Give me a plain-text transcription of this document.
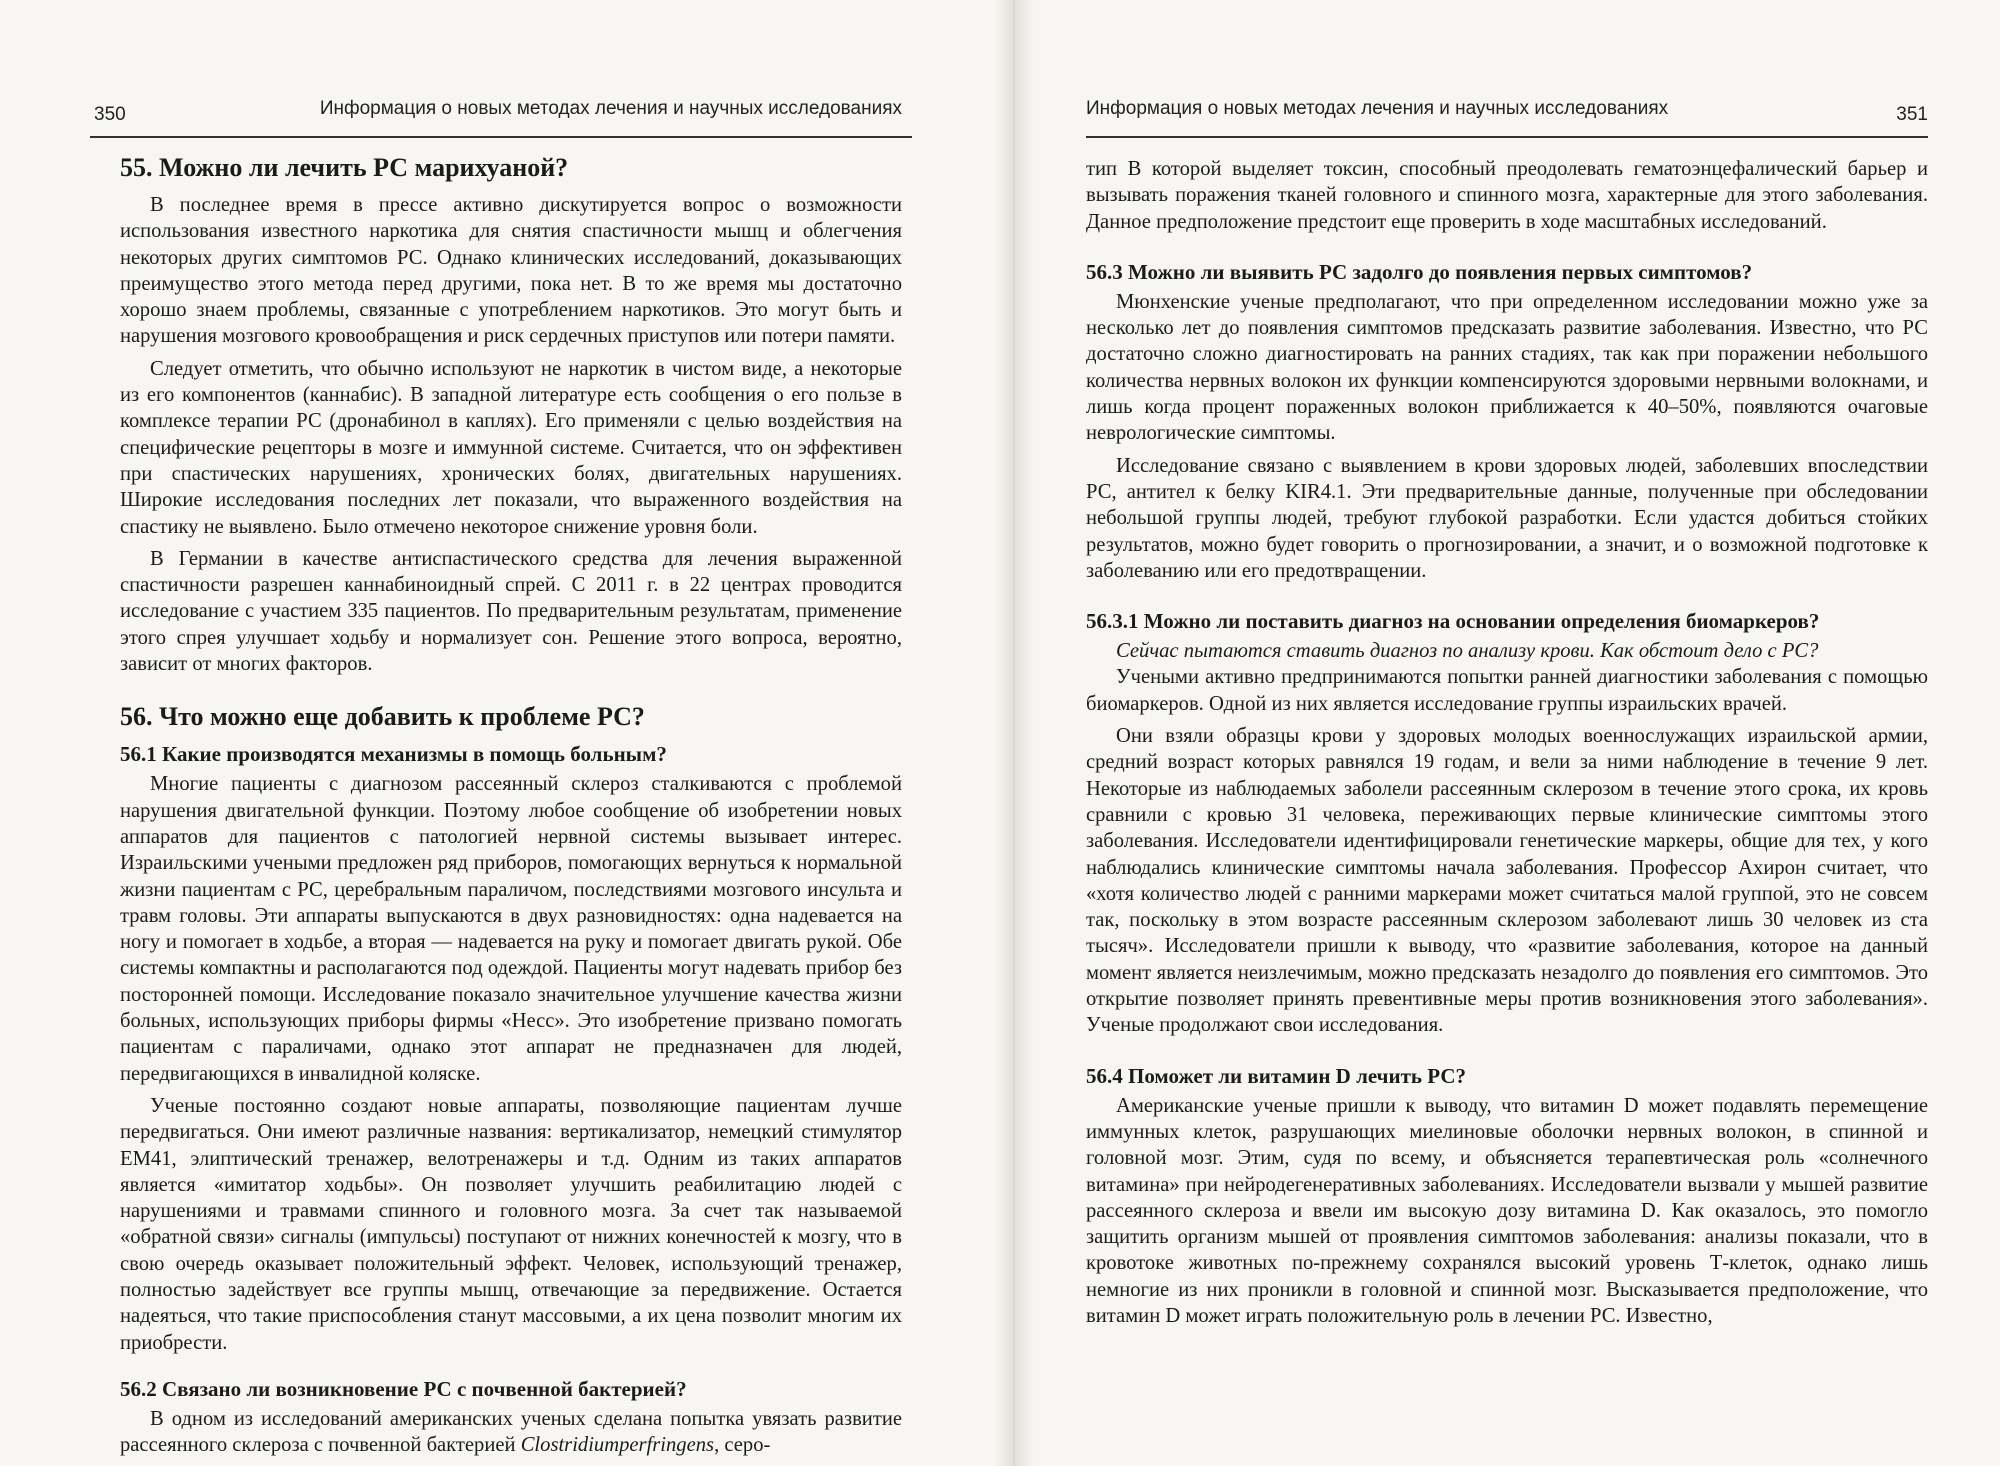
350	Информация о новых методах лечения и научных исследованиях
55. Можно ли лечить РС марихуаной?

В последнее время в прессе активно дискутируется вопрос о возможности использования известного наркотика для снятия спастичности мышц и облегчения некоторых других симптомов РС. Однако клинических исследований, доказывающих преимущество этого метода перед другими, пока нет. В то же время мы достаточно хорошо знаем проблемы, связанные с употреблением наркотиков. Это могут быть и нарушения мозгового кровообращения и риск сердечных приступов или потери памяти.

Следует отметить, что обычно используют не наркотик в чистом виде, а некоторые из его компонентов (каннабис). В западной литературе есть сообщения о его пользе в комплексе терапии РС (дронабинол в каплях). Его применяли с целью воздействия на специфические рецепторы в мозге и иммунной системе. Считается, что он эффективен при спастических нарушениях, хронических болях, двигательных нарушениях. Широкие исследования последних лет показали, что выраженного воздействия на спастику не выявлено. Было отмечено некоторое снижение уровня боли.

В Германии в качестве антиспастического средства для лечения выраженной спастичности разрешен каннабиноидный спрей. С 2011 г. в 22 центрах проводится исследование с участием 335 пациентов. По предварительным результатам, применение этого спрея улучшает ходьбу и нормализует сон. Решение этого вопроса, вероятно, зависит от многих факторов.

56. Что можно еще добавить к проблеме РС?
56.1 Какие производятся механизмы в помощь больным?

Многие пациенты с диагнозом рассеянный склероз сталкиваются с проблемой нарушения двигательной функции. Поэтому любое сообщение об изобретении новых аппаратов для пациентов с патологией нервной системы вызывает интерес. Израильскими учеными предложен ряд приборов, помогающих вернуться к нормальной жизни пациентам с РС, церебральным параличом, последствиями мозгового инсульта и травм головы. Эти аппараты выпускаются в двух разновидностях: одна надевается на ногу и помогает в ходьбе, а вторая — надевается на руку и помогает двигать рукой. Обе системы компактны и располагаются под одеждой. Пациенты могут надевать прибор без посторонней помощи. Исследование показало значительное улучшение качества жизни больных, использующих приборы фирмы «Несс». Это изобретение призвано помогать пациентам с параличами, однако этот аппарат не предназначен для людей, передвигающихся в инвалидной коляске.

Ученые постоянно создают новые аппараты, позволяющие пациентам лучше передвигаться. Они имеют различные названия: вертикализатор, немецкий стимулятор ЕМ41, элиптический тренажер, велотренажеры и т.д. Одним из таких аппаратов является «имитатор ходьбы». Он позволяет улучшить реабилитацию людей с нарушениями и травмами спинного и головного мозга. За счет так называемой «обратной связи» сигналы (импульсы) поступают от нижних конечностей к мозгу, что в свою очередь оказывает положительный эффект. Человек, использующий тренажер, полностью задействует все группы мышц, отвечающие за передвижение. Остается надеяться, что такие приспособления станут массовыми, а их цена позволит многим их приобрести.

56.2 Связано ли возникновение РС с почвенной бактерией?

В одном из исследований американских ученых сделана попытка увязать развитие рассеянного склероза с почвенной бактерией Clostridiumperfringens, серо-

Информация о новых методах лечения и научных исследованиях	351

тип В которой выделяет токсин, способный преодолевать гематоэнцефалический барьер и вызывать поражения тканей головного и спинного мозга, характерные для этого заболевания. Данное предположение предстоит еще проверить в ходе масштабных исследований.

56.3 Можно ли выявить РС задолго до появления первых симптомов?

Мюнхенские ученые предполагают, что при определенном исследовании можно уже за несколько лет до появления симптомов предсказать развитие заболевания. Известно, что РС достаточно сложно диагностировать на ранних стадиях, так как при поражении небольшого количества нервных волокон их функции компенсируются здоровыми нервными волокнами, и лишь когда процент пораженных волокон приближается к 40–50%, появляются очаговые неврологические симптомы.

Исследование связано с выявлением в крови здоровых людей, заболевших впоследствии РС, антител к белку KIR4.1. Эти предварительные данные, полученные при обследовании небольшой группы людей, требуют глубокой разработки. Если удастся добиться стойких результатов, можно будет говорить о прогнозировании, а значит, и о возможной подготовке к заболеванию или его предотвращении.

56.3.1 Можно ли поставить диагноз на основании определения биомаркеров?

Сейчас пытаются ставить диагноз по анализу крови. Как обстоит дело с РС?

Учеными активно предпринимаются попытки ранней диагностики заболевания с помощью биомаркеров. Одной из них является исследование группы израильских врачей.

Они взяли образцы крови у здоровых молодых военнослужащих израильской армии, средний возраст которых равнялся 19 годам, и вели за ними наблюдение в течение 9 лет. Некоторые из наблюдаемых заболели рассеянным склерозом в течение этого срока, их кровь сравнили с кровью 31 человека, переживающих первые клинические симптомы этого заболевания. Исследователи идентифицировали генетические маркеры, общие для тех, у кого наблюдались клинические симптомы начала заболевания. Профессор Ахирон считает, что «хотя количество людей с ранними маркерами может считаться малой группой, это не совсем так, поскольку в этом возрасте рассеянным склерозом заболевают лишь 30 человек из ста тысяч». Исследователи пришли к выводу, что «развитие заболевания, которое на данный момент является неизлечимым, можно предсказать незадолго до появления его симптомов. Это открытие позволяет принять превентивные меры против возникновения этого заболевания». Ученые продолжают свои исследования.

56.4 Поможет ли витамин D лечить РС?

Американские ученые пришли к выводу, что витамин D может подавлять перемещение иммунных клеток, разрушающих миелиновые оболочки нервных волокон, в спинной и головной мозг. Этим, судя по всему, и объясняется терапевтическая роль «солнечного витамина» при нейродегенеративных заболеваниях. Исследователи вызвали у мышей развитие рассеянного склероза и ввели им высокую дозу витамина D. Как оказалось, это помогло защитить организм мышей от проявления симптомов заболевания: анализы показали, что в кровотоке животных по-прежнему сохранялся высокий уровень Т-клеток, однако лишь немногие из них проникли в головной и спинной мозг. Высказывается предположение, что витамин D может играть положительную роль в лечении РС. Известно,
